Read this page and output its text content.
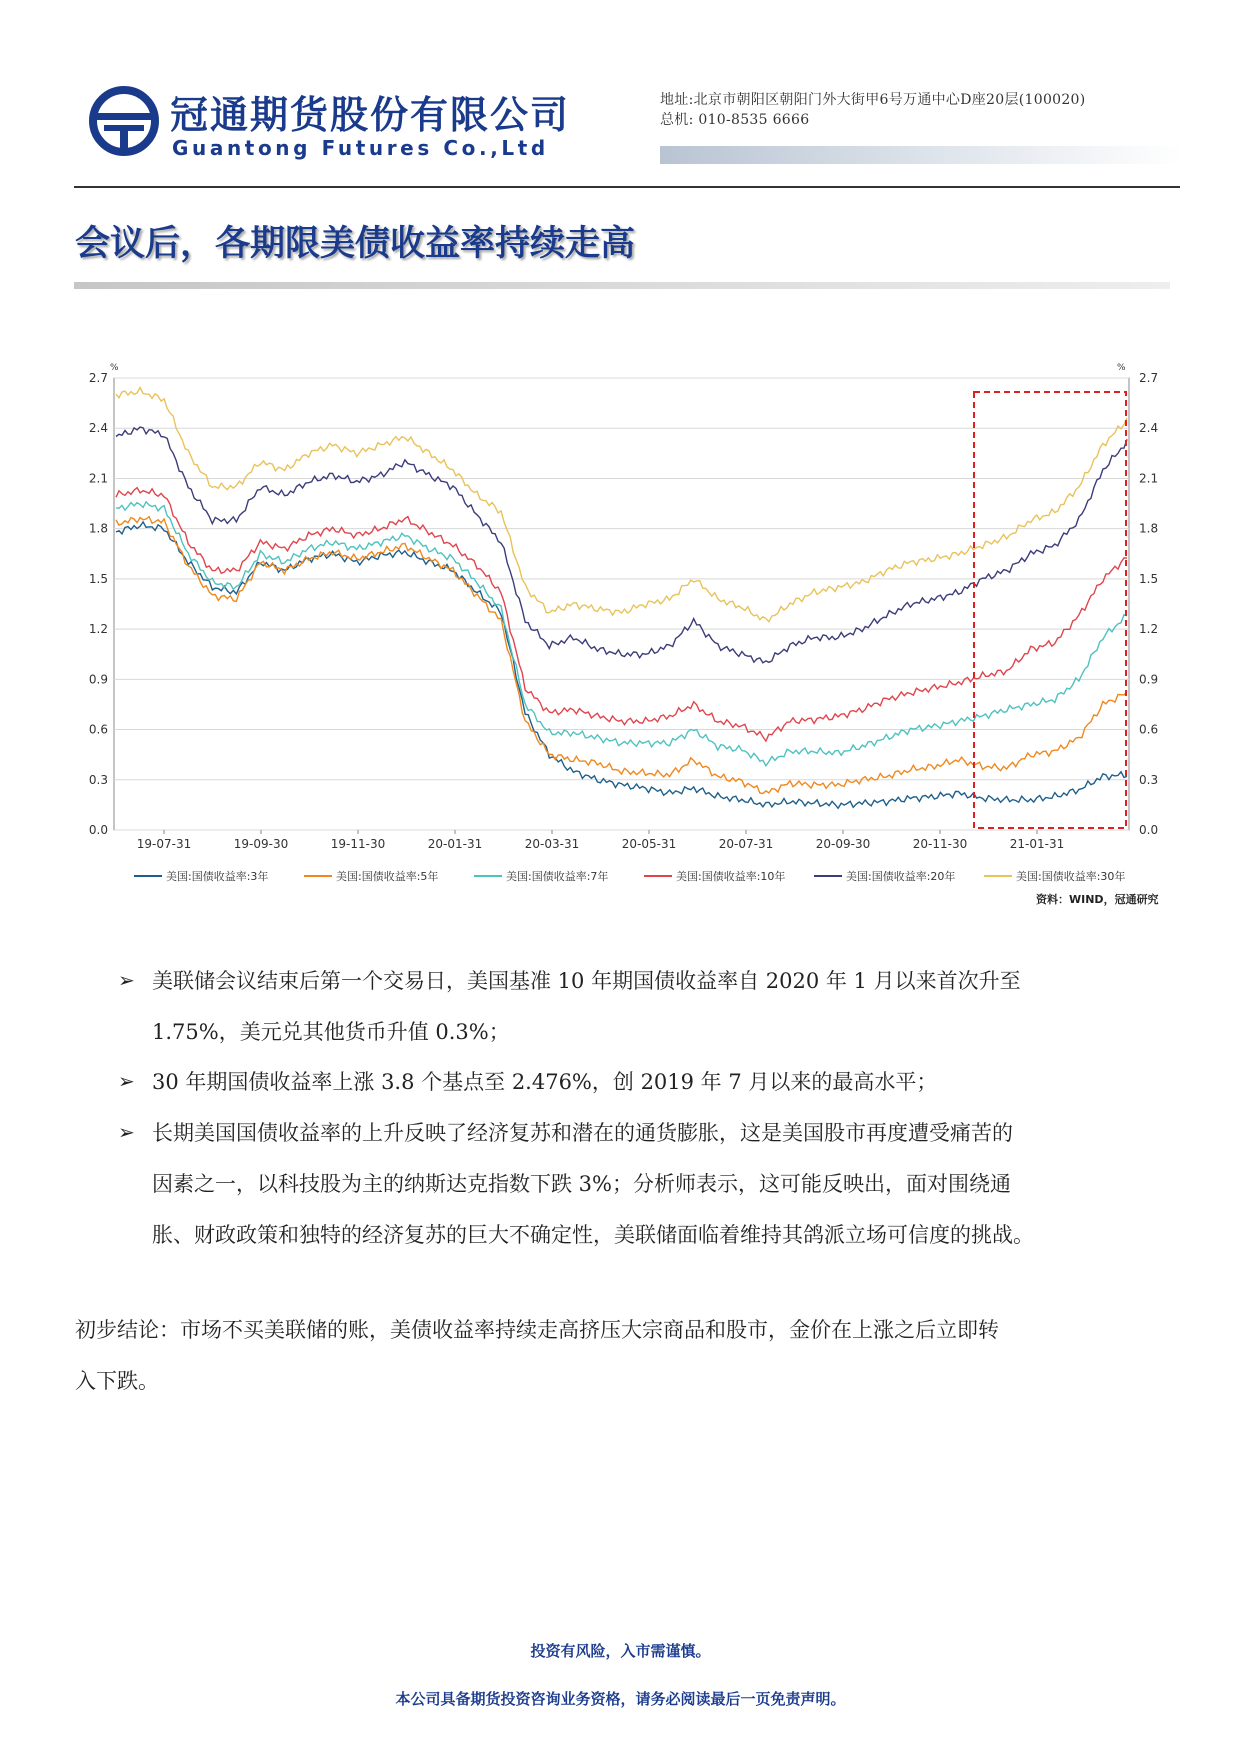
冠通期货股份有限公司
Guantong Futures Co.,Ltd
地址:北京市朝阳区朝阳门外大街甲6号万通中心D座20层(100020)
总机: 010-8535 6666
会议后，各期限美债收益率持续走高
2.7	2.7
2.4	2.4
2.1	2.1
1.8	1.8
1.5	1.5
1.2	1.2
0.9	0.9
0.6	0.6
0.3	0.3
0.0	0.0
%	%
19-07-31	19-09-30	19-11-30	20-01-31	20-03-31	20-05-31	20-07-31	20-09-30	20-11-30	21-01-31
美国:国债收益率:3年	美国:国债收益率:5年	美国:国债收益率:7年	美国:国债收益率:10年	美国:国债收益率:20年	美国:国债收益率:30年
资料：WIND，冠通研究
➢ 美联储会议结束后第一个交易日，美国基准 10 年期国债收益率自 2020 年 1 月以来首次升至
1.75%，美元兑其他货币升值 0.3%；
➢ 30 年期国债收益率上涨 3.8 个基点至 2.476%，创 2019 年 7 月以来的最高水平；
➢ 长期美国国债收益率的上升反映了经济复苏和潜在的通货膨胀，这是美国股市再度遭受痛苦的
因素之一，以科技股为主的纳斯达克指数下跌 3%；分析师表示，这可能反映出，面对围绕通
胀、财政政策和独特的经济复苏的巨大不确定性，美联储面临着维持其鸽派立场可信度的挑战。
初步结论：市场不买美联储的账，美债收益率持续走高挤压大宗商品和股市，金价在上涨之后立即转
入下跌。
投资有风险，入市需谨慎。
本公司具备期货投资咨询业务资格，请务必阅读最后一页免责声明。
